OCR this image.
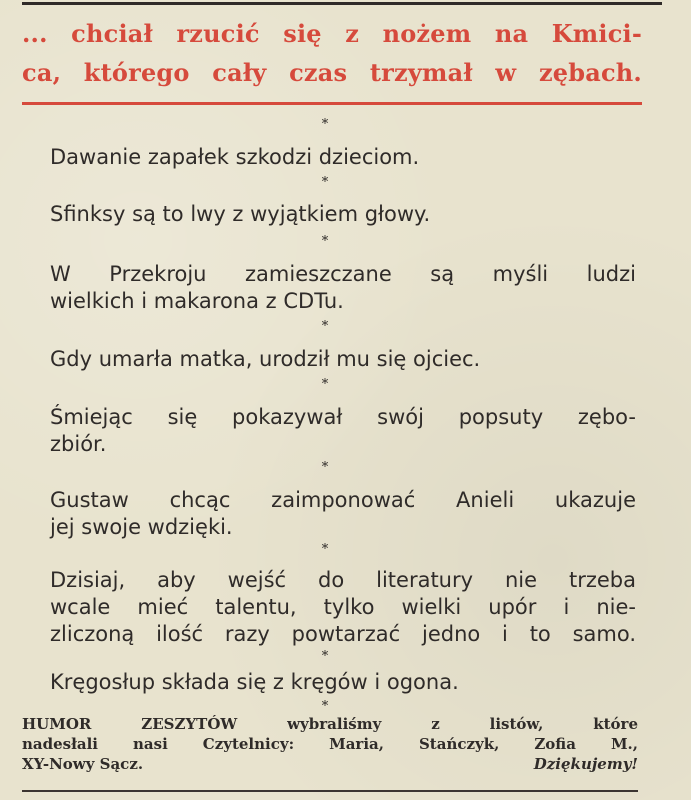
... chciał rzucić się z nożem na Kmici-
ca, którego cały czas trzymał w zębach.
*
Dawanie zapałek szkodzi dzieciom.
*
Sfinksy są to lwy z wyjątkiem głowy.
*
W Przekroju zamieszczane są myśli ludzi
wielkich i makarona z CDTu.
*
Gdy umarła matka, urodził mu się ojciec.
*
Śmiejąc się pokazywał swój popsuty zębo-
zbiór.
*
Gustaw chcąc zaimponować Anieli ukazuje
jej swoje wdzięki.
*
Dzisiaj, aby wejść do literatury nie trzeba
wcale mieć talentu, tylko wielki upór i nie-
zliczoną ilość razy powtarzać jedno i to samo.
*
Kręgosłup składa się z kręgów i ogona.
*
HUMOR ZESZYTÓW wybraliśmy z listów, które
nadesłali nasi Czytelnicy: Maria, Stańczyk, Zofia M.,
XY-Nowy Sącz.	Dziękujemy!
